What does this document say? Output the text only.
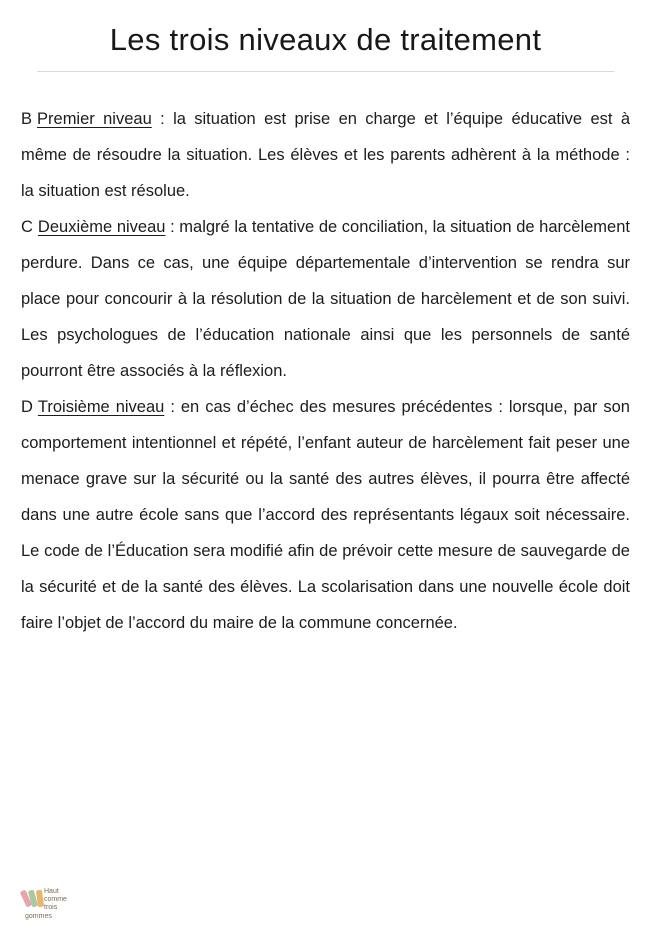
Les trois niveaux de traitement

B Premier niveau : la situation est prise en charge et l’équipe éducative est à même de résoudre la situation. Les élèves et les parents adhèrent à la méthode : la situation est résolue.

C Deuxième niveau : malgré la tentative de conciliation, la situation de harcèlement perdure. Dans ce cas, une équipe départementale d’intervention se rendra sur place pour concourir à la résolution de la situation de harcèlement et de son suivi. Les psychologues de l’éducation nationale ainsi que les personnels de santé pourront être associés à la réflexion.

D Troisième niveau : en cas d’échec des mesures précédentes : lorsque, par son comportement intentionnel et répété, l’enfant auteur de harcèlement fait peser une menace grave sur la sécurité ou la santé des autres élèves, il pourra être affecté dans une autre école sans que l’accord des représentants légaux soit nécessaire. Le code de l’Éducation sera modifié afin de prévoir cette mesure de sauvegarde de la sécurité et de la santé des élèves. La scolarisation dans une nouvelle école doit faire l’objet de l’accord du maire de la commune concernée.

Haut
comme
trois
gommes
